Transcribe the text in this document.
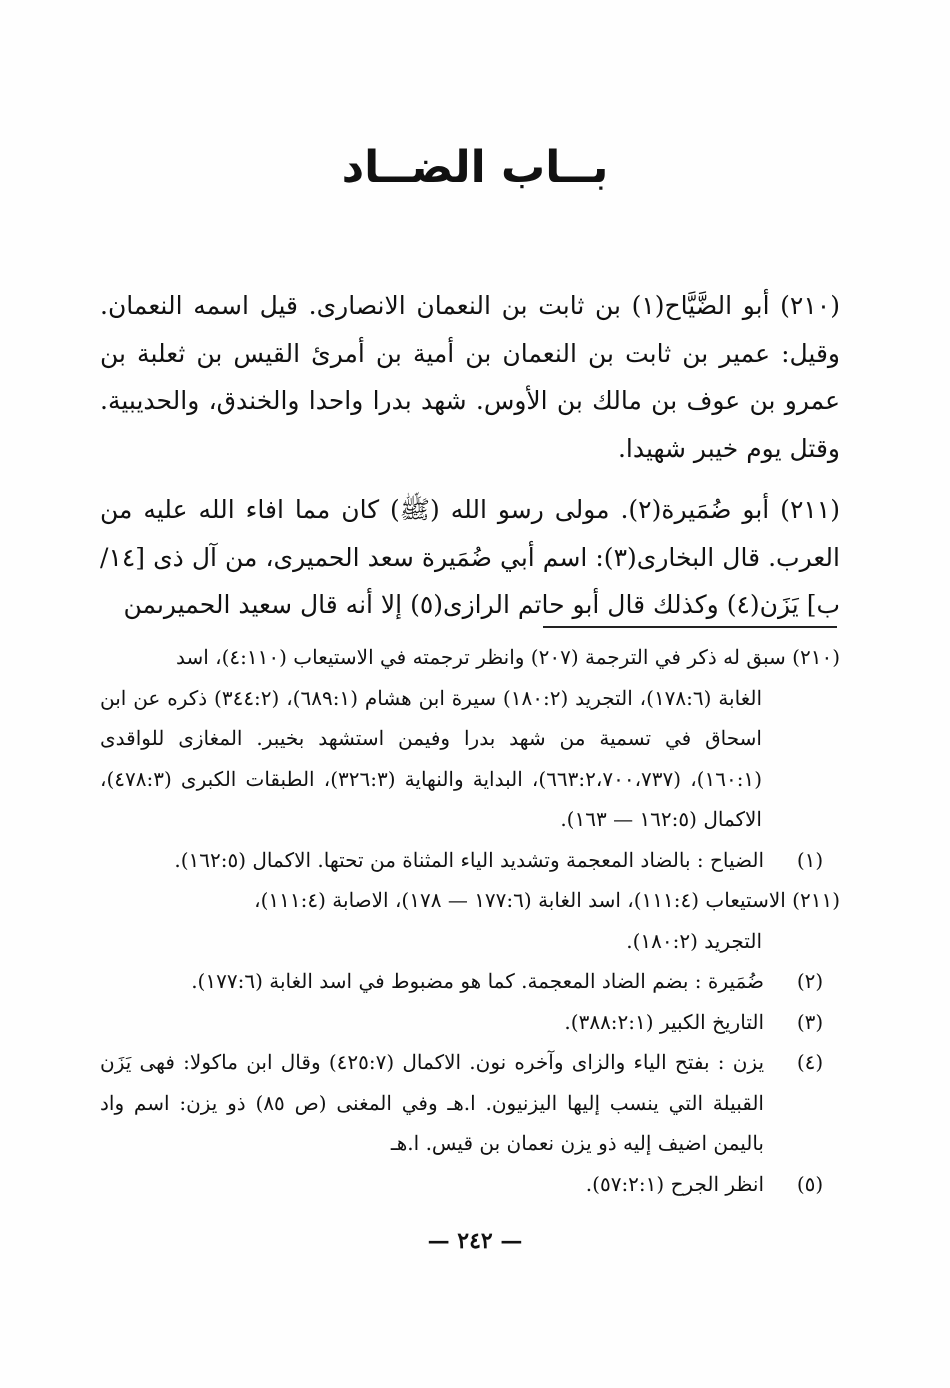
بــاب الضــاد

(٢١٠) أبو الضَّيَّاح(١) بن ثابت بن النعمان الانصارى. قيل اسمه النعمان. وقيل: عمير بن ثابت بن النعمان بن أمية بن أمرئ القيس بن ثعلبة بن عمرو بن عوف بن مالك بن الأوس. شهد بدرا واحدا والخندق، والحديبية. وقتل يوم خيبر شهيدا.

(٢١١) أبو ضُمَيرة(٢). مولى رسو الله (ﷺ) كان مما افاء الله عليه من العرب. قال البخارى(٣): اسم أبي ضُمَيرة سعد الحميرى، من آل ذى [١٤/ب] يَزَن(٤) وكذلك قال أبو حاتم الرازى(٥) إلا أنه قال سعيد الحميرىمن

(٢١٠) سبق له ذكر في الترجمة (٢٠٧) وانظر ترجمته في الاستيعاب (٤:١١٠)، اسد
الغابة (١٧٨:٦)، التجريد (١٨٠:٢) سيرة ابن هشام (٦٨٩:١)، (٣٤٤:٢) ذكره عن ابن اسحاق في تسمية من شهد بدرا وفيمن استشهد بخيبر. المغازى للواقدى (١٦٠:١)، (٦٦٣:٢،٧٠٠،٧٣٧)، البداية والنهاية (٣٢٦:٣)، الطبقات الكبرى (٤٧٨:٣)، الاكمال (١٦٢:٥ — ١٦٣).
(١)
الضياح : بالضاد المعجمة وتشديد الياء المثناة من تحتها. الاكمال (١٦٢:٥).
(٢١١) الاستيعاب (١١١:٤)، اسد الغابة (١٧٧:٦ — ١٧٨)، الاصابة (١١١:٤)،
التجريد (١٨٠:٢).
(٢)
ضُمَيرة : بضم الضاد المعجمة. كما هو مضبوط في اسد الغابة (١٧٧:٦).
(٣)
التاريخ الكبير (٣٨٨:٢:١).
(٤)
يزن : بفتح الياء والزاى وآخره نون. الاكمال (٤٢٥:٧) وقال ابن ماكولا: فهى يَزَن القبيلة التي ينسب إليها اليزنيون. ا.هـ وفي المغنى (ص ٨٥) ذو يزن: اسم واد باليمن اضيف إليه ذو يزن نعمان بن قيس. ا.هـ
(٥)
انظر الجرح (٥٧:٢:١).
— ٢٤٢ —
